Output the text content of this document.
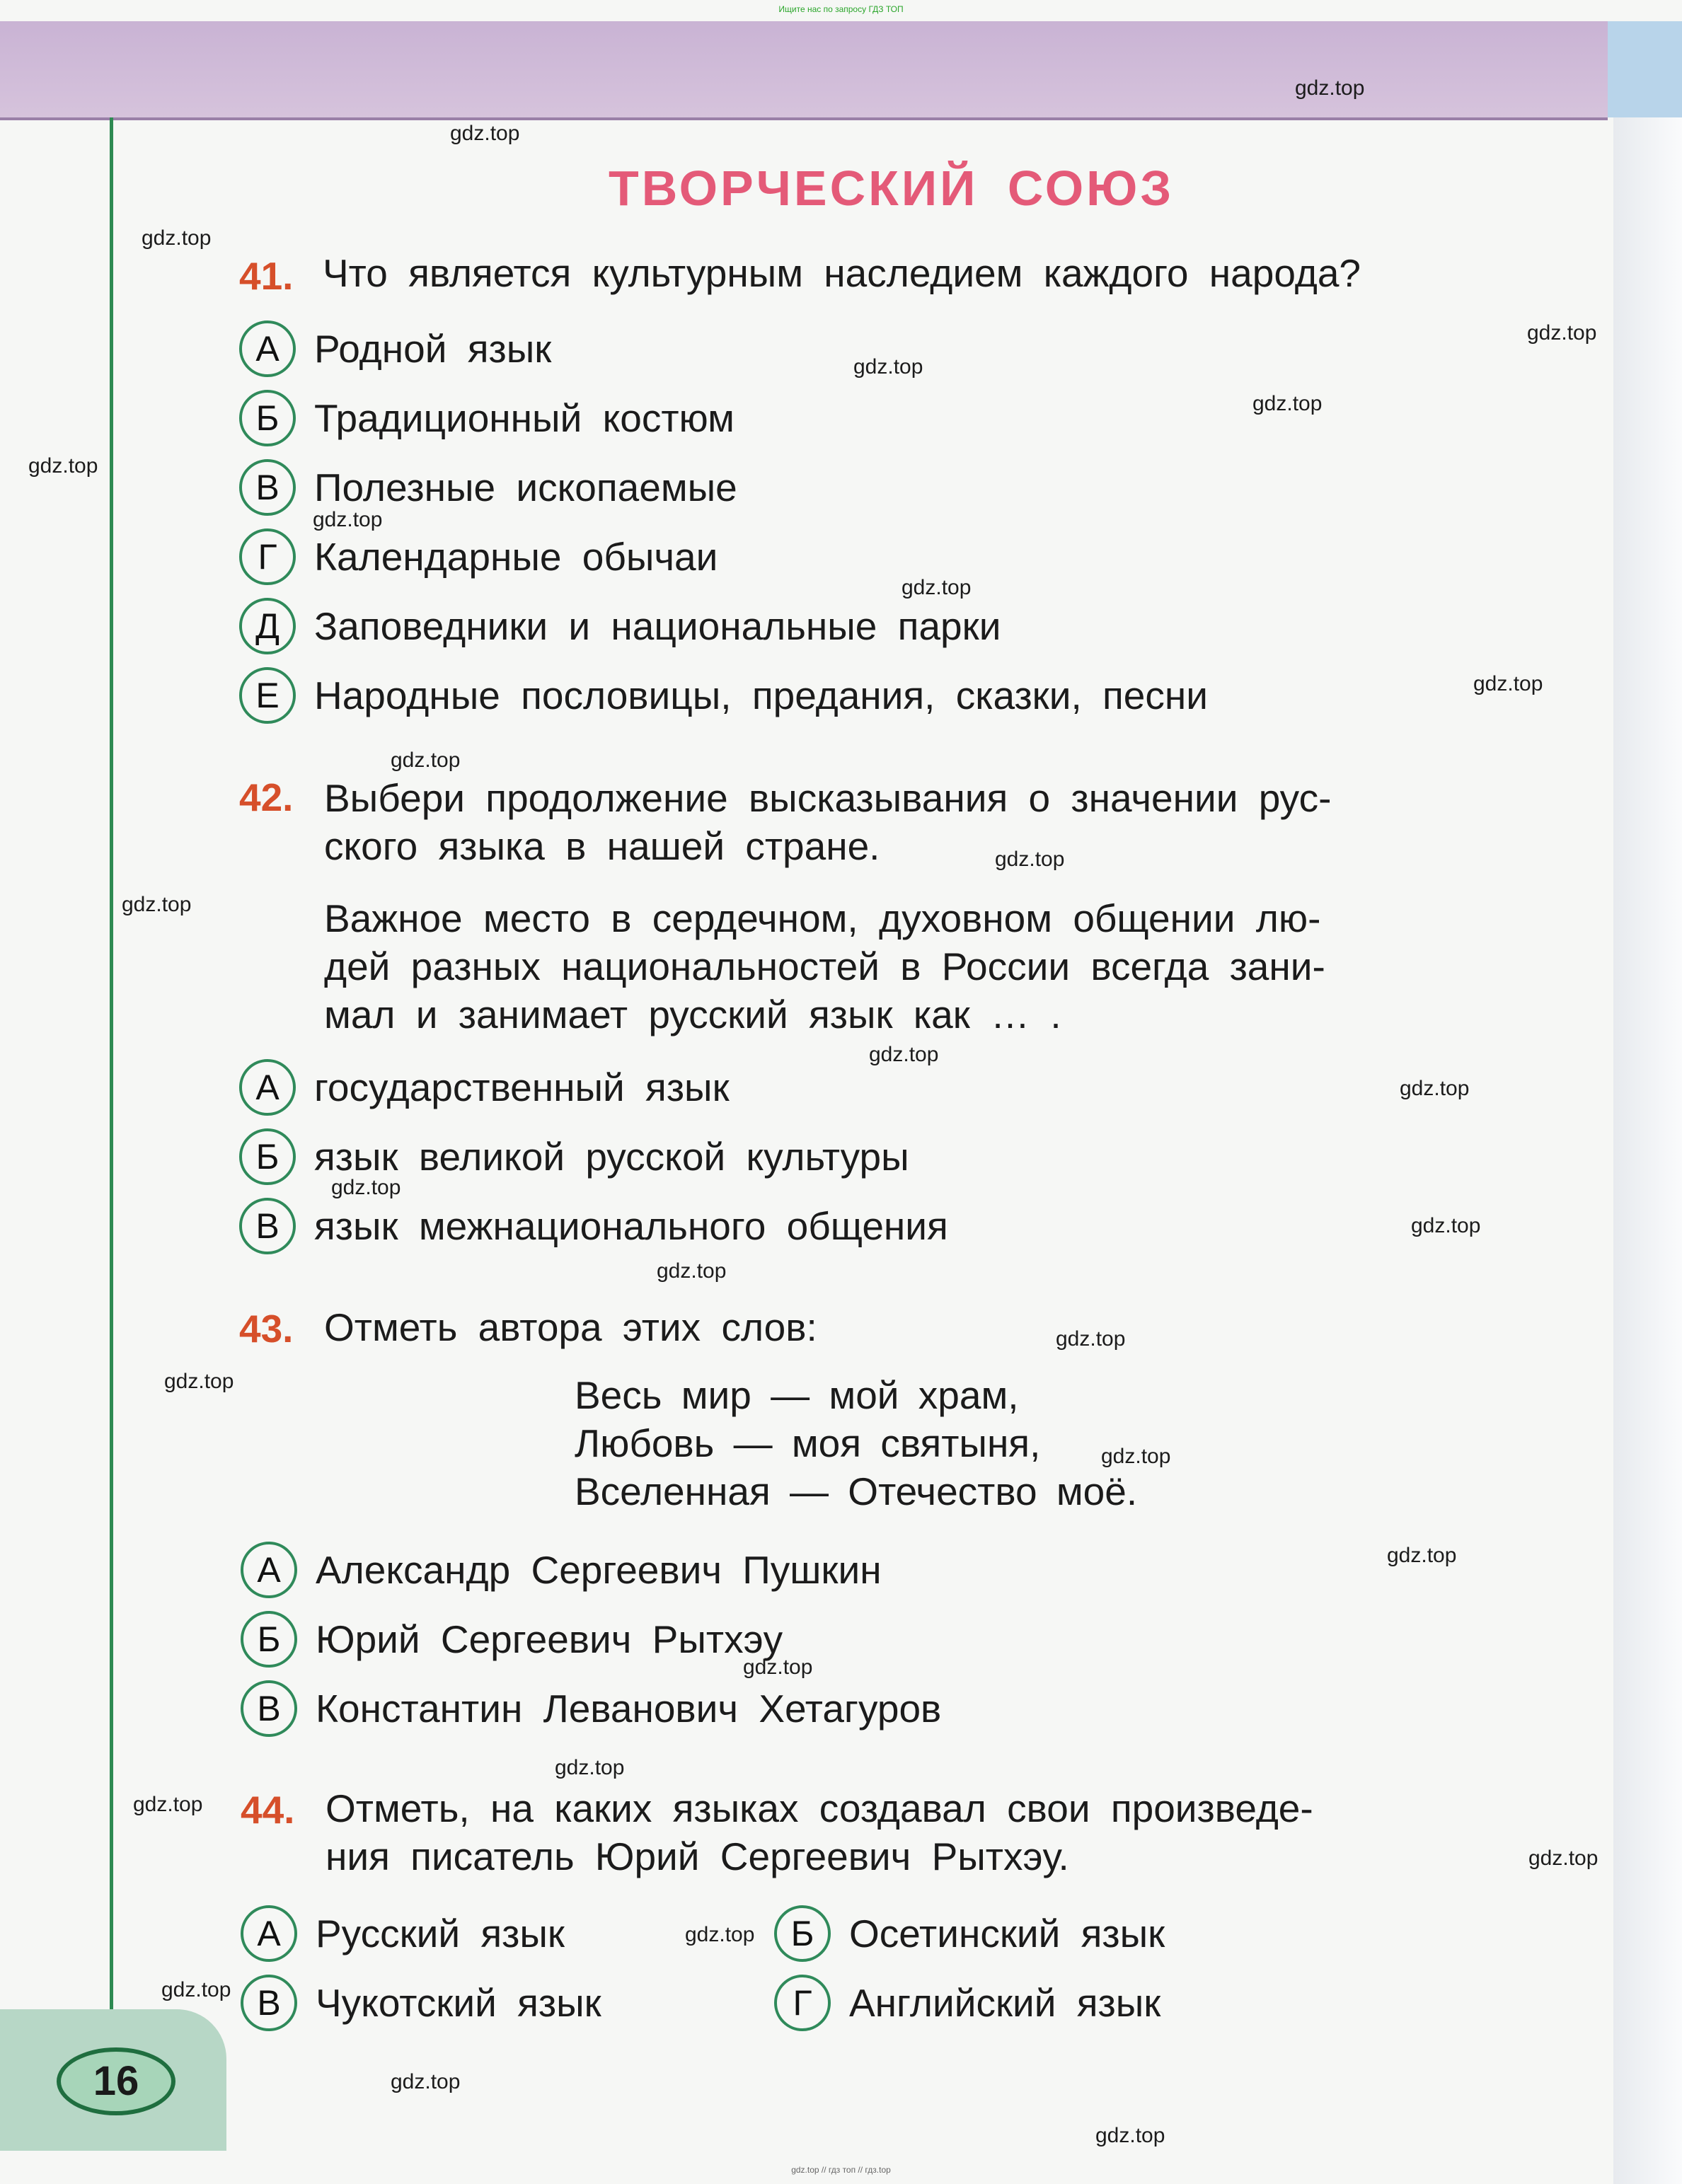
Ищите нас по запросу ГДЗ ТОП
ТВОРЧЕСКИЙ СОЮЗ
41. Что является культурным наследием каждого народа?
А Родной язык
Б Традиционный костюм
В Полезные ископаемые
Г Календарные обычаи
Д Заповедники и национальные парки
Е Народные пословицы, предания, сказки, песни
42. Выбери продолжение высказывания о значении рус-
ского языка в нашей стране.
Важное место в сердечном, духовном общении лю-
дей разных национальностей в России всегда зани-
мал и занимает русский язык как … .
А государственный язык
Б язык великой русской культуры
В язык межнационального общения
43. Отметь автора этих слов:
Весь мир — мой храм,
Любовь — моя святыня,
Вселенная — Отечество моё.
А Александр Сергеевич Пушкин
Б Юрий Сергеевич Рытхэу
В Константин Леванович Хетагуров
44. Отметь, на каких языках создавал свои произведе-
ния писатель Юрий Сергеевич Рытхэу.
А Русский язык	Б Осетинский язык
В Чукотский язык	Г Английский язык
16
gdz.top
gdz.top
gdz.top
gdz.top
gdz.top
gdz.top
gdz.top
gdz.top
gdz.top
gdz.top
gdz.top
gdz.top
gdz.top
gdz.top
gdz.top
gdz.top
gdz.top
gdz.top
gdz.top
gdz.top
gdz.top
gdz.top
gdz.top
gdz.top
gdz.top
gdz.top
gdz.top
gdz.top
gdz.top
gdz.top
gdz.top // гдз топ // гдз.top
